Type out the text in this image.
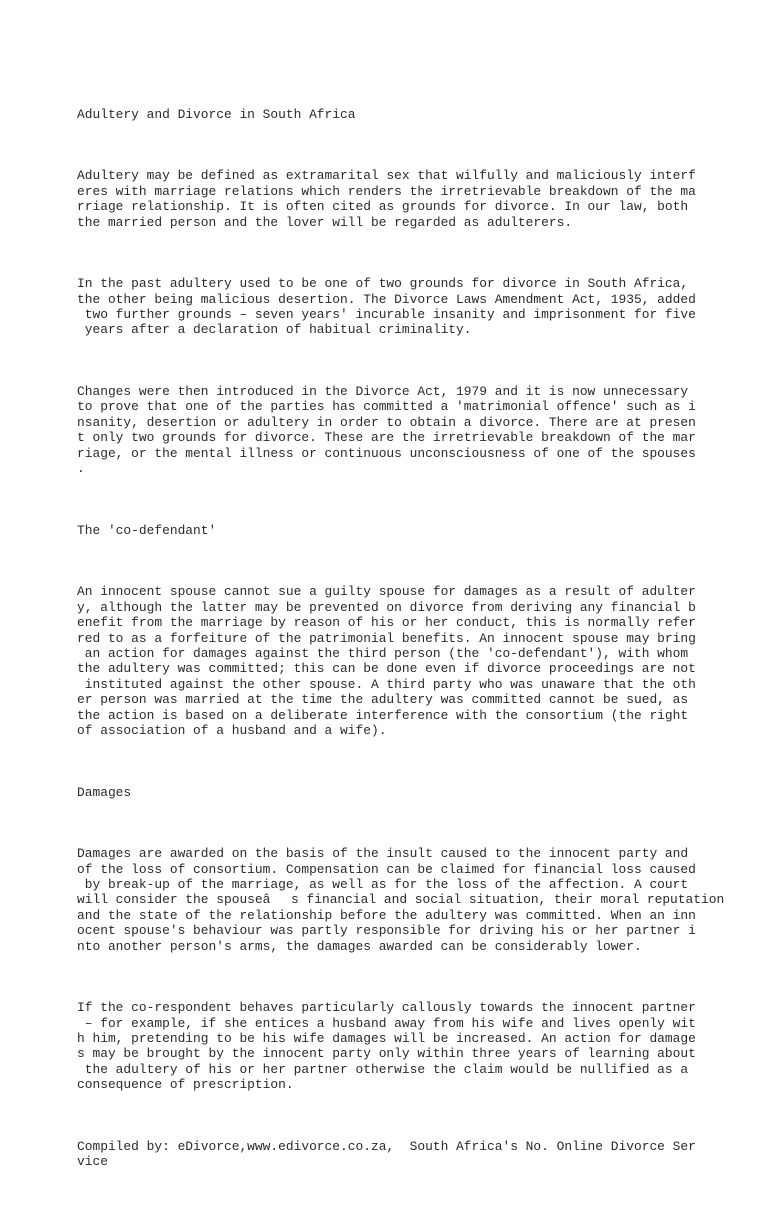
Adultery and Divorce in South Africa

Adultery may be defined as extramarital sex that wilfully and maliciously interf
eres with marriage relations which renders the irretrievable breakdown of the ma
rriage relationship. It is often cited as grounds for divorce. In our law, both
the married person and the lover will be regarded as adulterers.

In the past adultery used to be one of two grounds for divorce in South Africa,
the other being malicious desertion. The Divorce Laws Amendment Act, 1935, added
two further grounds – seven years' incurable insanity and imprisonment for five
years after a declaration of habitual criminality.

Changes were then introduced in the Divorce Act, 1979 and it is now unnecessary
to prove that one of the parties has committed a 'matrimonial offence' such as i
nsanity, desertion or adultery in order to obtain a divorce. There are at presen
t only two grounds for divorce. These are the irretrievable breakdown of the mar
riage, or the mental illness or continuous unconsciousness of one of the spouses
.

The 'co-defendant'

An innocent spouse cannot sue a guilty spouse for damages as a result of adulter
y, although the latter may be prevented on divorce from deriving any financial b
enefit from the marriage by reason of his or her conduct, this is normally refer
red to as a forfeiture of the patrimonial benefits. An innocent spouse may bring
an action for damages against the third person (the 'co-defendant'), with whom
the adultery was committed; this can be done even if divorce proceedings are not
instituted against the other spouse. A third party who was unaware that the oth
er person was married at the time the adultery was committed cannot be sued, as
the action is based on a deliberate interference with the consortium (the right
of association of a husband and a wife).

Damages

Damages are awarded on the basis of the insult caused to the innocent party and
of the loss of consortium. Compensation can be claimed for financial loss caused
by break-up of the marriage, as well as for the loss of the affection. A court
will consider the spouseâs financial and social situation, their moral reputation
and the state of the relationship before the adultery was committed. When an inn
ocent spouse's behaviour was partly responsible for driving his or her partner i
nto another person's arms, the damages awarded can be considerably lower.

If the co-respondent behaves particularly callously towards the innocent partner
– for example, if she entices a husband away from his wife and lives openly wit
h him, pretending to be his wife damages will be increased. An action for damage
s may be brought by the innocent party only within three years of learning about
the adultery of his or her partner otherwise the claim would be nullified as a
consequence of prescription.

Compiled by: eDivorce,www.edivorce.co.za,  South Africa's No. Online Divorce Ser
vice
